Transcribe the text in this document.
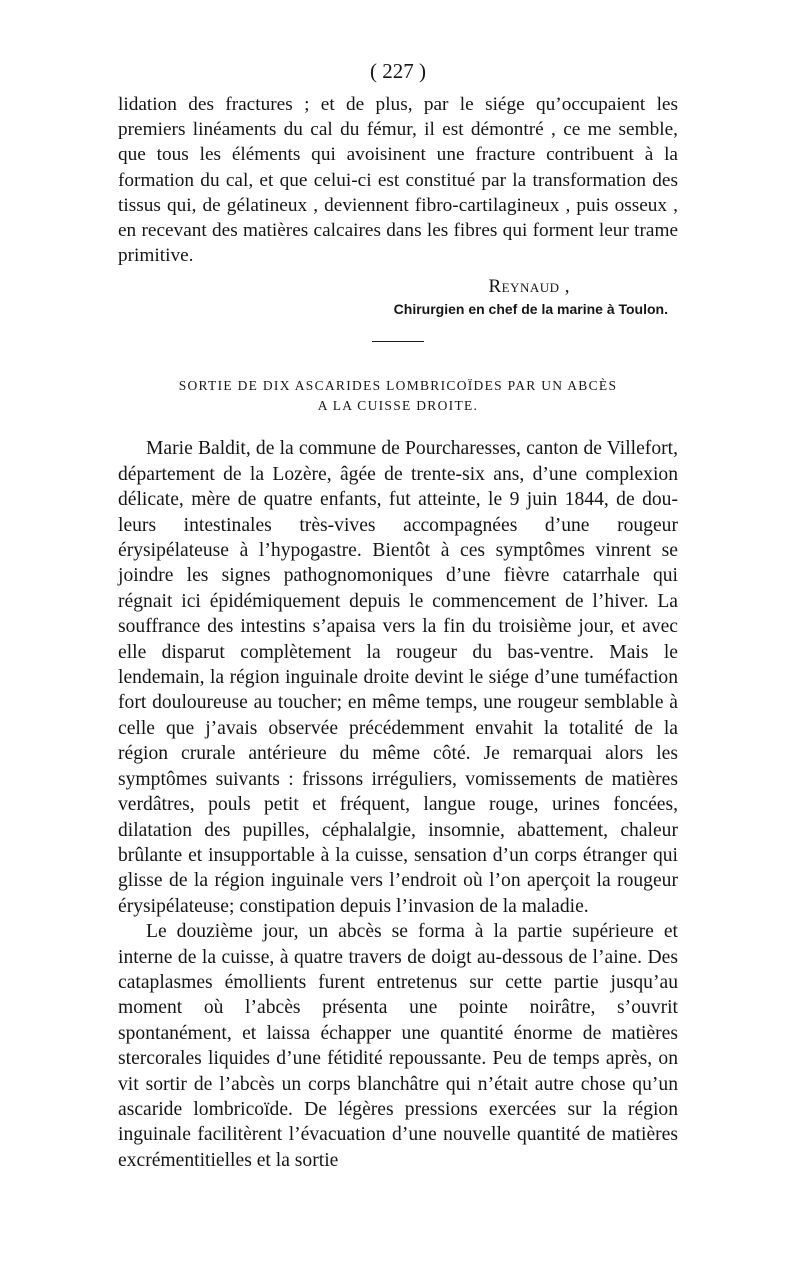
( 227 )

lidation des fractures ; et de plus, par le siége qu’occupaient les premiers linéaments du cal du fémur, il est démontré , ce me semble, que tous les éléments qui avoisinent une fracture contribuent à la formation du cal, et que celui-ci est constitué par la transformation des tissus qui, de gélatineux , deviennent fibro-cartilagineux , puis osseux , en recevant des matières calcaires dans les fibres qui forment leur trame primitive.

Reynaud ,
Chirurgien en chef de la marine à Toulon.
SORTIE DE DIX ASCARIDES LOMBRICOÏDES PAR UN ABCÈS
A LA CUISSE DROITE.

Marie Baldit, de la commune de Pourcharesses, canton de Villefort, département de la Lozère, âgée de trente-six ans, d’une complexion délicate, mère de quatre enfants, fut atteinte, le 9 juin 1844, de douleurs intestinales très-vives accompagnées d’une rougeur érysipélateuse à l’hypogastre. Bientôt à ces symptômes vinrent se joindre les signes pathognomoniques d’une fièvre catarrhale qui régnait ici épidémiquement depuis le commencement de l’hiver. La souffrance des intestins s’apaisa vers la fin du troisième jour, et avec elle disparut complètement la rougeur du bas-ventre. Mais le lendemain, la région inguinale droite devint le siége d’une tuméfaction fort douloureuse au toucher; en même temps, une rougeur semblable à celle que j’avais observée précédemment envahit la totalité de la région crurale antérieure du même côté. Je remarquai alors les symptômes suivants : frissons irréguliers, vomissements de matières verdâtres, pouls petit et fréquent, langue rouge, urines foncées, dilatation des pupilles, céphalalgie, insomnie, abattement, chaleur brûlante et insupportable à la cuisse, sensation d’un corps étranger qui glisse de la région inguinale vers l’endroit où l’on aperçoit la rougeur érysipélateuse; constipation depuis l’invasion de la maladie.

Le douzième jour, un abcès se forma à la partie supérieure et interne de la cuisse, à quatre travers de doigt au-dessous de l’aine. Des cataplasmes émollients furent entretenus sur cette partie jusqu’au moment où l’abcès présenta une pointe noirâtre, s’ouvrit spontanément, et laissa échapper une quantité énorme de matières stercorales liquides d’une fétidité repoussante. Peu de temps après, on vit sortir de l’abcès un corps blanchâtre qui n’était autre chose qu’un ascaride lombricoïde. De légères pressions exercées sur la région inguinale facilitèrent l’évacuation d’une nouvelle quantité de matières excrémentitielles et la sortie
